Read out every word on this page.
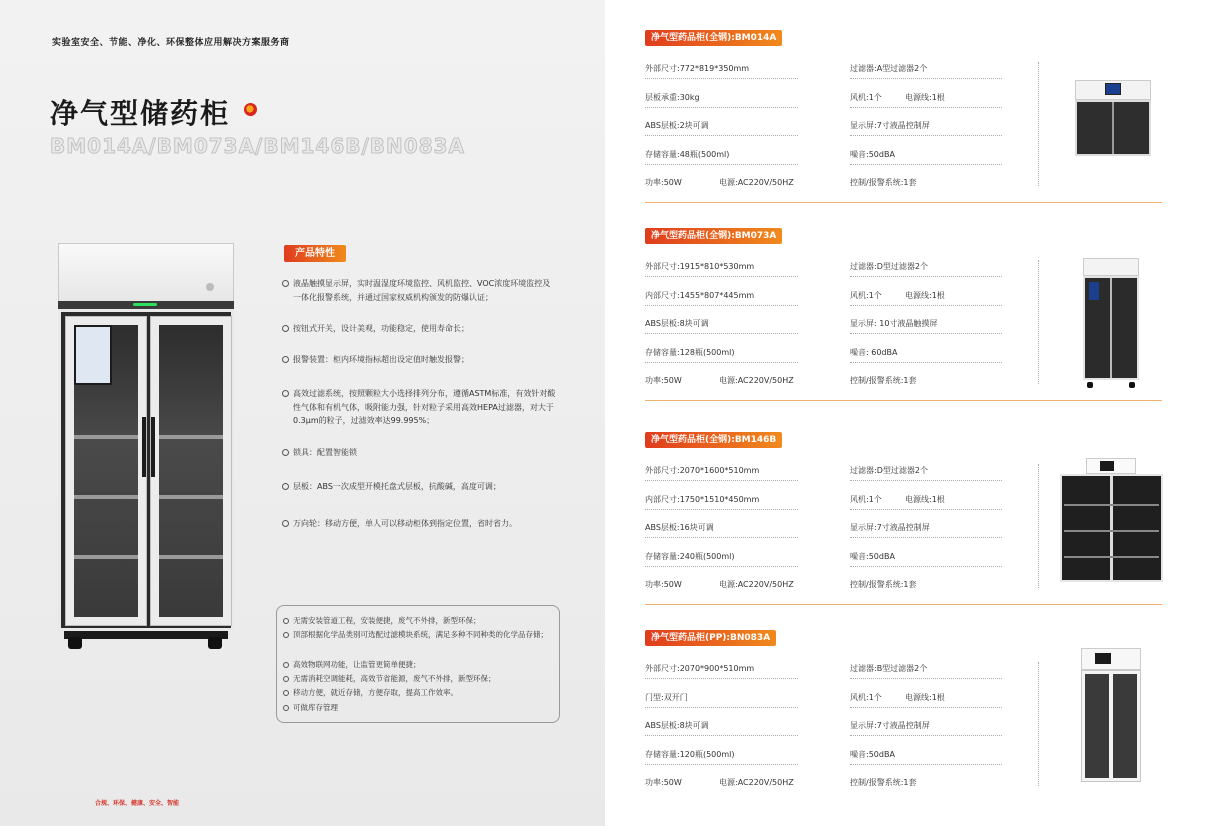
实验室安全、节能、净化、环保整体应用解决方案服务商
净气型储药柜
BM014A/BM073A/BM146B/BN083A
产品特性
液晶触摸显示屏，实时温湿度环境监控、风机监控、VOC浓度环境监控及一体化报警系统，并通过国家权威机构颁发的防爆认证；
按钮式开关，设计美观，功能稳定，使用寿命长；
报警装置：柜内环境指标超出设定值时触发报警；
高效过滤系统，按照颗粒大小选择排列分布，遵循ASTM标准，有效针对酸性气体和有机气体，吸附能力强，针对粒子采用高效HEPA过滤器，对大于0.3μm的粒子，过滤效率达99.995%；
锁具：配置智能锁
层板：ABS一次成型开模托盘式层板，抗酸碱，高度可调；
万向轮：移动方便，单人可以移动柜体到指定位置，省时省力。
无需安装管道工程，安装便捷，废气不外排，新型环保；
顶部根据化学品类别可选配过滤模块系统，满足多种不同种类的化学品存储；
高效物联网功能，让监管更简单便捷；
无需消耗空调能耗，高效节省能源，废气不外排，新型环保；
移动方便，就近存储，方便存取，提高工作效率。
可做库存管理
合规、环保、健康、安全、智能
净气型药品柜(全钢):BM014A
外部尺寸:772*819*350mm	过滤器:A型过滤器2个
层板承重:30kg	风机:1个	电源线:1根
ABS层板:2块可调	显示屏:7寸液晶控制屏
存储容量:48瓶(500ml)	噪音:50dBA
功率:50W	电源:AC220V/50HZ	控制/报警系统:1套
净气型药品柜(全钢):BM073A
外部尺寸:1915*810*530mm	过滤器:D型过滤器2个
内部尺寸:1455*807*445mm	风机:1个	电源线:1根
ABS层板:8块可调	显示屏: 10寸液晶触摸屏
存储容量:128瓶(500ml)	噪音: 60dBA
功率:50W	电源:AC220V/50HZ	控制/报警系统:1套
净气型药品柜(全钢):BM146B
外部尺寸:2070*1600*510mm	过滤器:D型过滤器2个
内部尺寸:1750*1510*450mm	风机:1个	电源线:1根
ABS层板:16块可调	显示屏:7寸液晶控制屏
存储容量:240瓶(500ml)	噪音:50dBA
功率:50W	电源:AC220V/50HZ	控制/报警系统:1套
净气型药品柜(PP):BN083A
外部尺寸:2070*900*510mm	过滤器:B型过滤器2个
门型:双开门	风机:1个	电源线:1根
ABS层板:8块可调	显示屏:7寸液晶控制屏
存储容量:120瓶(500ml)	噪音:50dBA
功率:50W	电源:AC220V/50HZ	控制/报警系统:1套
